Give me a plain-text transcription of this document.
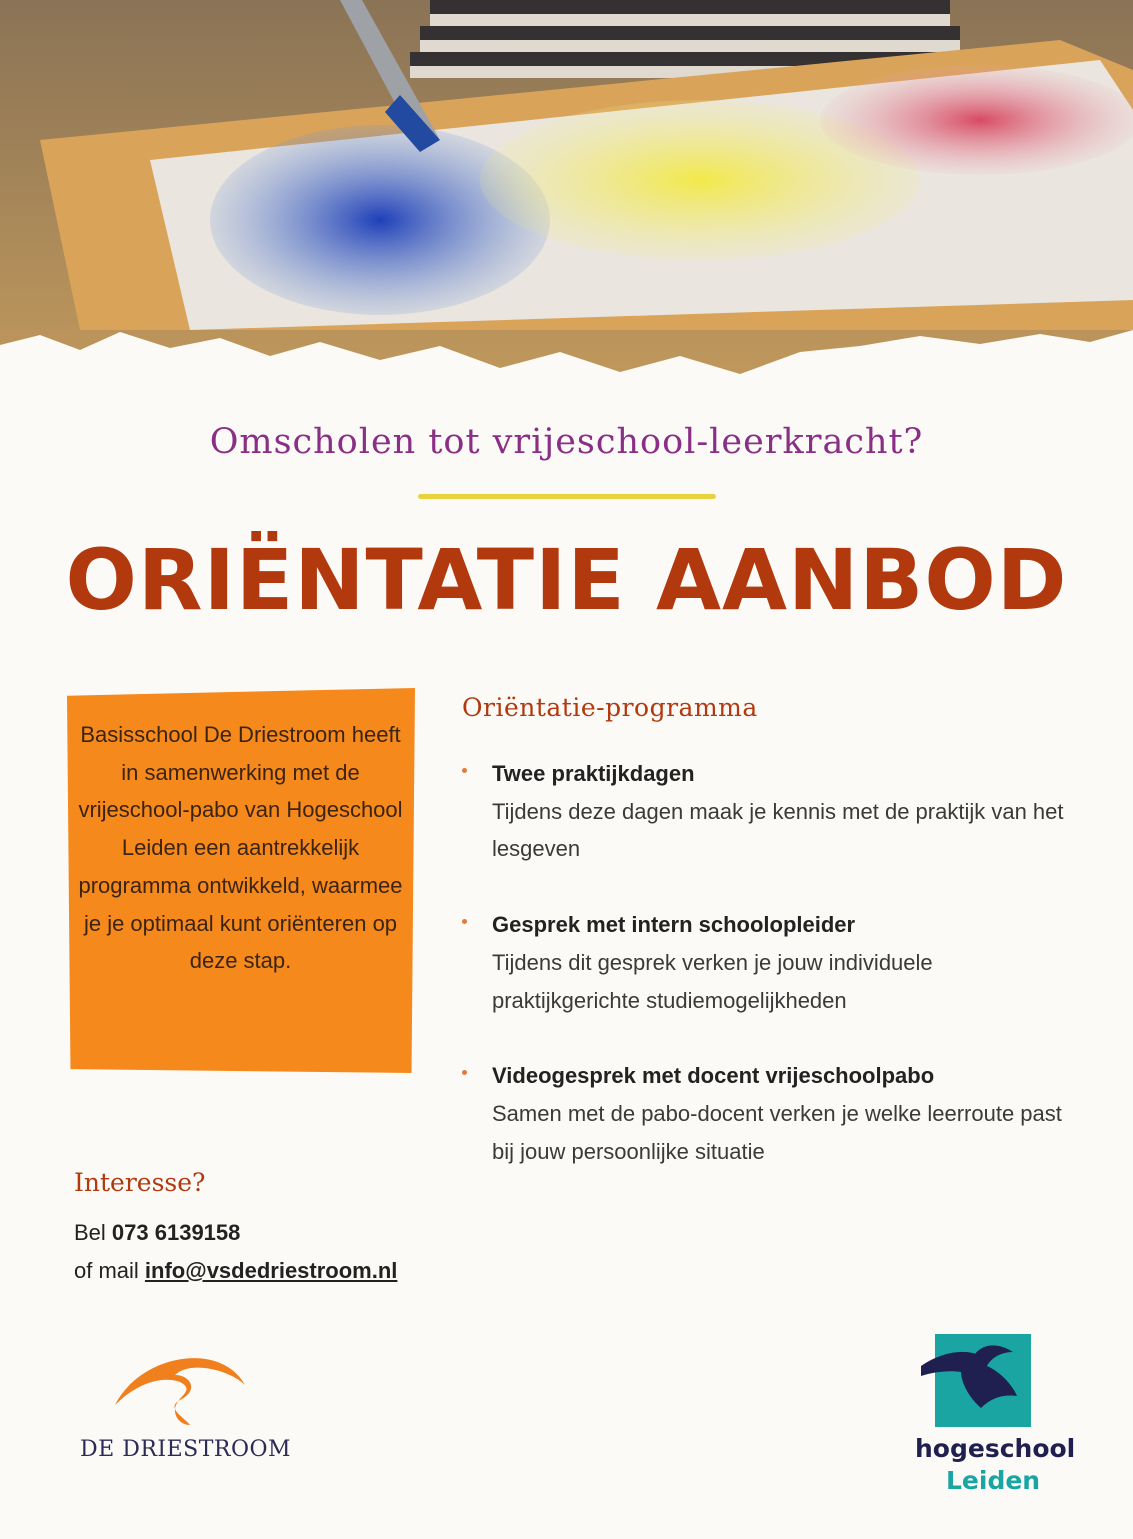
Omscholen tot vrijeschool-leerkracht?
ORIËNTATIE AANBOD
Basisschool De Driestroom heeft in samenwerking met de vrijeschool-pabo van Hogeschool Leiden een aantrekkelijk programma ontwikkeld, waarmee je je optimaal kunt oriënteren op deze stap.
Oriëntatie-programma
Twee praktijkdagen
Tijdens deze dagen maak je kennis met de praktijk van het lesgeven
Gesprek met intern schoolopleider
Tijdens dit gesprek verken je jouw individuele praktijkgerichte studiemogelijkheden
Videogesprek met docent vrijeschoolpabo
Samen met de pabo-docent verken je welke leerroute past bij jouw persoonlijke situatie
Interesse?
Bel 073 6139158
of mail info@vsdedriestroom.nl
DE DRIESTROOM	hogeschool
Leiden
